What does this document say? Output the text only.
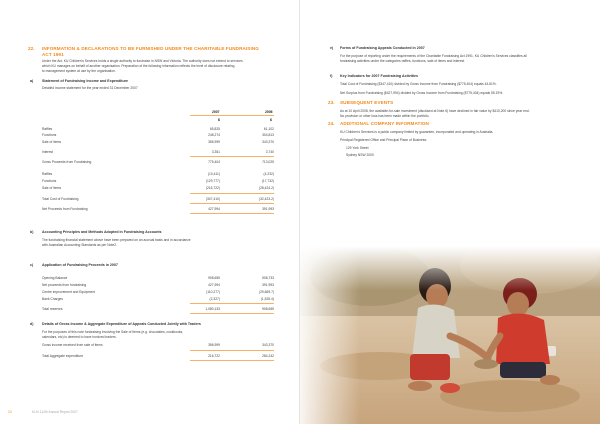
22. INFORMATION & DECLARATIONS TO BE FURNISHED UNDER THE CHARITABLE FUNDRAISING
ACT 1991
Under the Act, KU Children's Services holds a single authority to fundraise in NSW and Victoria. The authority does not extend to services
which KU manages on behalf of another organisation. Preparation of the following information reflects the level of disclosure relating
to management system at use by the organisation.
a) Statement of Fundraising Income and Expenditure
Detailed income statement for the year ended 31 December 2007
2007	2006
$	$
Raffles	65,825	61,102
Functions	248,274	304,813
Sale of items	356,999	343,370
Interest	3,351	3,740
Gross Proceeds from Fundraising	775,404	713,025
Raffles	(10,411)	(4,232)
Functions	(129,777)	(17,732)
Sale of items	(216,722)	(28,424.2)
Total Cost of Fundraising	(347,410)	(32,423.2)
Net Proceeds from Fundraising	427,994	391,993
b) Accounting Principles and Methods Adopted in Fundraising Accounts
The fundraising financial statement above have been prepared on an accrual basis and in accordance
with Australian Accounting Standards as per Note2.
c) Application of Fundraising Proceeds in 2007
Opening Balance	908,655	508,733
Net proceeds from fundraising	427,994	391,993
Centre improvement and Equipment	(110,277)	(29,669.7)
Bank Charges	(2,327)	(1,525.4)
Total reserves	1,080,133	908,655
d) Details of Gross Income & Aggregate Expenditure of Appeals Conducted Jointly with Traders
For the purposes of this note fundraising involving the Sale of Items (e.g. chocolates, cookbooks,
calendars, etc) is deemed to have involved traders.
Gross income received from sale of items	356,999	343,370
Total Aggregate expenditure	216,722	284,242
24	KU's 112th Annual Report 2007
e) Forms of Fundraising Appeals Conducted in 2007
For the purpose of reporting under the requirements of the Charitable Fundraising Act 1991, KU Children's Services classifies all
fundraising activities under the categories raffles, functions, sale of items and interest.
f) Key Indicators for 2007 Fundraising Activities
Total Cost of Fundraising ($347,410) divided by Gross Income from Fundraising ($775,404) equals 44.81%.
Net Surplus from Fundraising ($427,994) divided by Gross Income from Fundraising ($775,404) equals 55.19%.
23. SUBSEQUENT EVENTS
As at 10 April 2008, the available-for-sale investment (disclosed at Note 6) have declined in fair value by $410,200 since year end.
No provision or other loss has been made within the portfolio.
24. ADDITIONAL COMPANY INFORMATION
KU Children's Services is a public company limited by guarantee, incorporated and operating in Australia.
Principal Registered Office and Principal Place of Business:
129 York Street
Sydney NSW 2000
